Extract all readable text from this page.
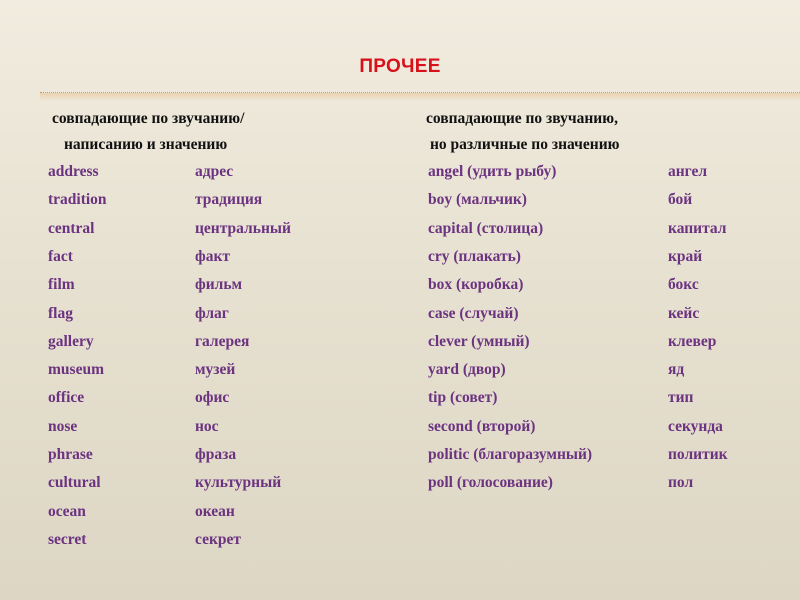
ПРОЧЕЕ
совпадающие по звучанию/
написанию и значению
совпадающие по звучанию,
но различные по значению
address	адрес	angel (удить рыбу)	ангел
tradition	традиция	boy (мальчик)	бой
central	центральный	capital (столица)	капитал
fact	факт	cry (плакать)	край
film	фильм	box (коробка)	бокс
flag	флаг	case (случай)	кейс
gallery	галерея	clever (умный)	клевер
museum	музей	yard (двор)	яд
office	офис	tip (совет)	тип
nose	нос	second (второй)	секунда
phrase	фраза	politic (благоразумный)	политик
cultural	культурный	poll (голосование)	пол
ocean	океан
secret	секрет
